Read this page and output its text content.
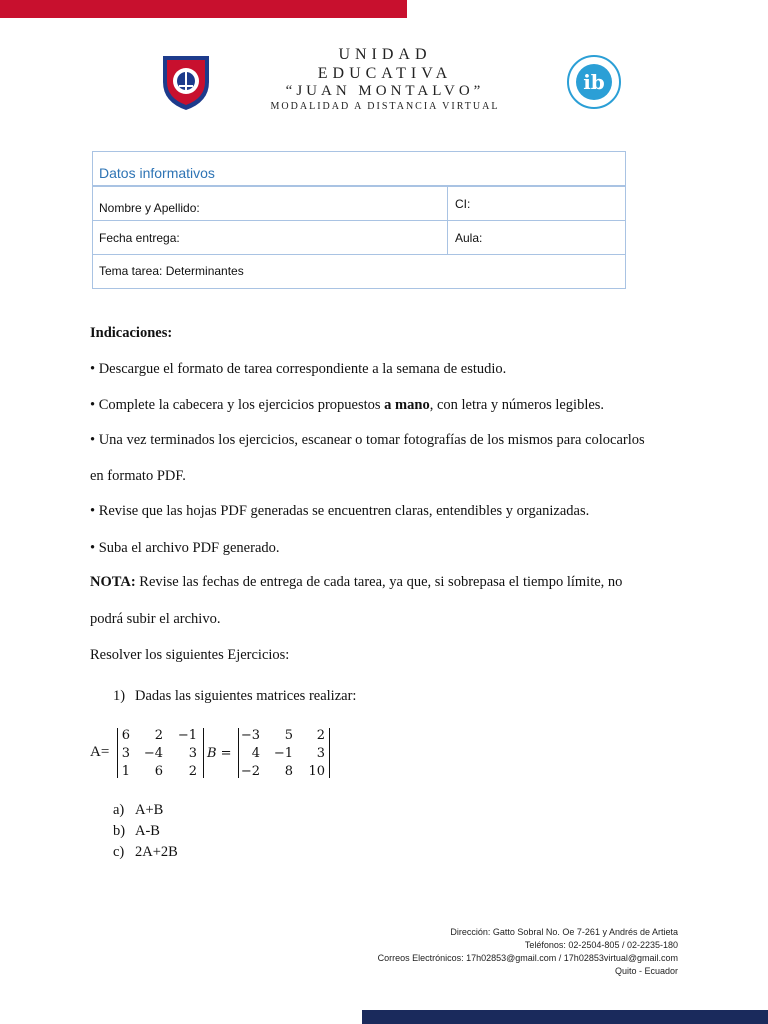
UNIDAD
EDUCATIVA
“JUAN MONTALVO”
MODALIDAD A DISTANCIA VIRTUAL
ib
Datos informativos
Nombre y Apellido:	CI:
Fecha entrega:	Aula:
Tema tarea: Determinantes
Indicaciones:
• Descargue el formato de tarea correspondiente a la semana de estudio.
• Complete la cabecera y los ejercicios propuestos a mano, con letra y números legibles.
• Una vez terminados los ejercicios, escanear o tomar fotografías de los mismos para colocarlos
en formato PDF.
• Revise que las hojas PDF generadas se encuentren claras, entendibles y organizadas.
• Suba el archivo PDF generado.
NOTA: Revise las fechas de entrega de cada tarea, ya que, si sobrepasa el tiempo límite, no
podrá subir el archivo.
Resolver los siguientes Ejercicios:
1) Dadas las siguientes matrices realizar:
A=	B =
6	2	−1
3	−4	3
1	6	2
−3	5	2
4	−1	3
−2	8	10
a) A+B
b) A-B
c) 2A+2B
Dirección: Gatto Sobral No. Oe 7-261 y Andrés de Artieta
Teléfonos: 02-2504-805 / 02-2235-180
Correos Electrónicos: 17h02853@gmail.com / 17h02853virtual@gmail.com
Quito - Ecuador
